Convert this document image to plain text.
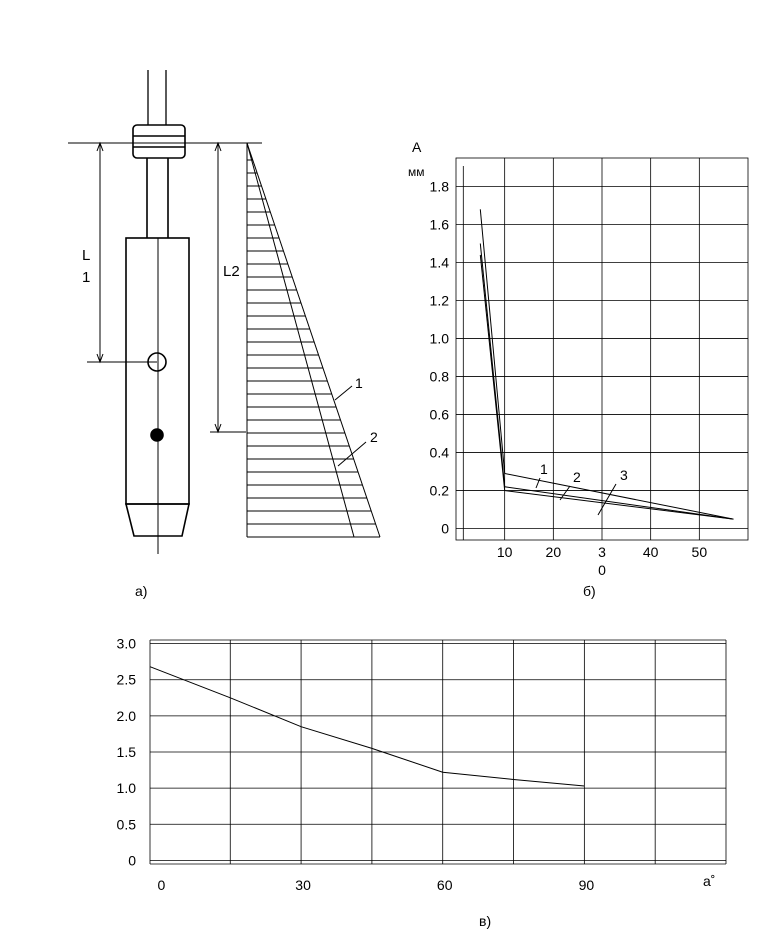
L
1	L2
1
2
а)
0
0.2
0.4
0.6
0.8
1.0
1.2
1.4
1.6
1.8
10 20	3
0
40 50
1 2	3
A
мм
б)
0
0.5
1.0
1.5
2.0
2.5
3.0
0	30	60	90	a˚
в)
